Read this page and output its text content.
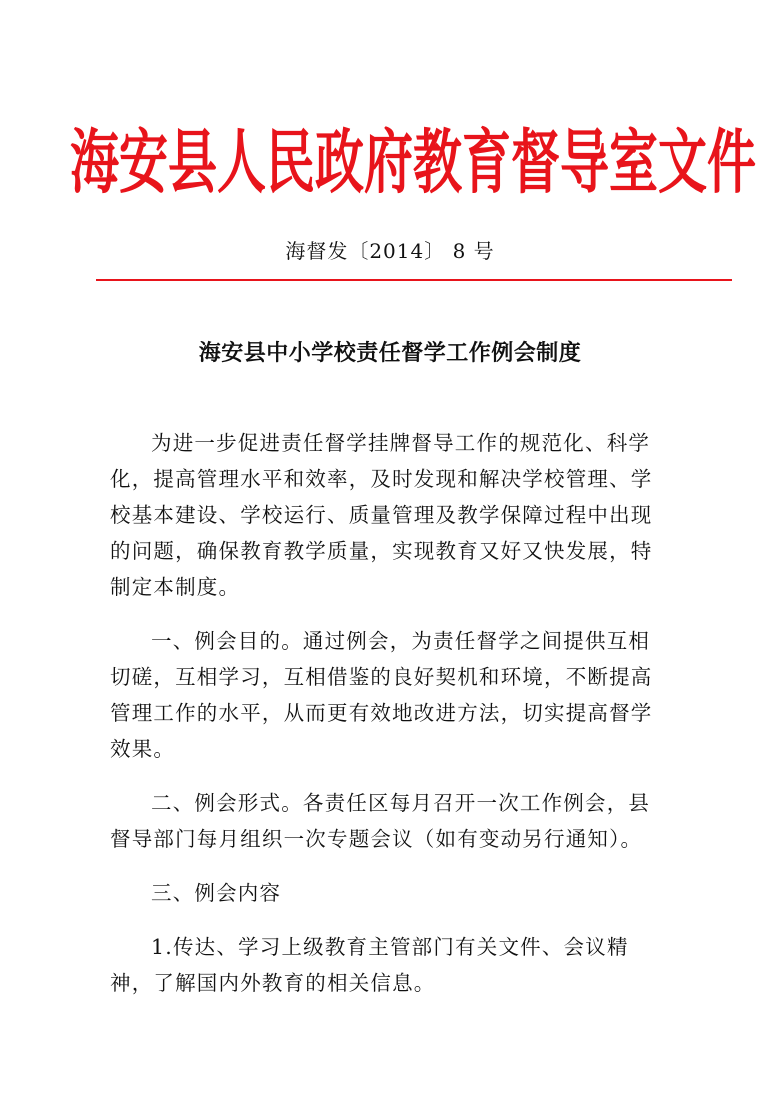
海安县人民政府教育督导室文件
海督发〔2014〕 8 号
海安县中小学校责任督学工作例会制度

为进一步促进责任督学挂牌督导工作的规范化、科学化，提高管理水平和效率，及时发现和解决学校管理、学校基本建设、学校运行、质量管理及教学保障过程中出现的问题，确保教育教学质量，实现教育又好又快发展，特制定本制度。

一、例会目的。通过例会，为责任督学之间提供互相切磋，互相学习，互相借鉴的良好契机和环境，不断提高管理工作的水平，从而更有效地改进方法，切实提高督学效果。

二、例会形式。各责任区每月召开一次工作例会，县督导部门每月组织一次专题会议（如有变动另行通知）。

三、例会内容

1.传达、学习上级教育主管部门有关文件、会议精神，了解国内外教育的相关信息。
